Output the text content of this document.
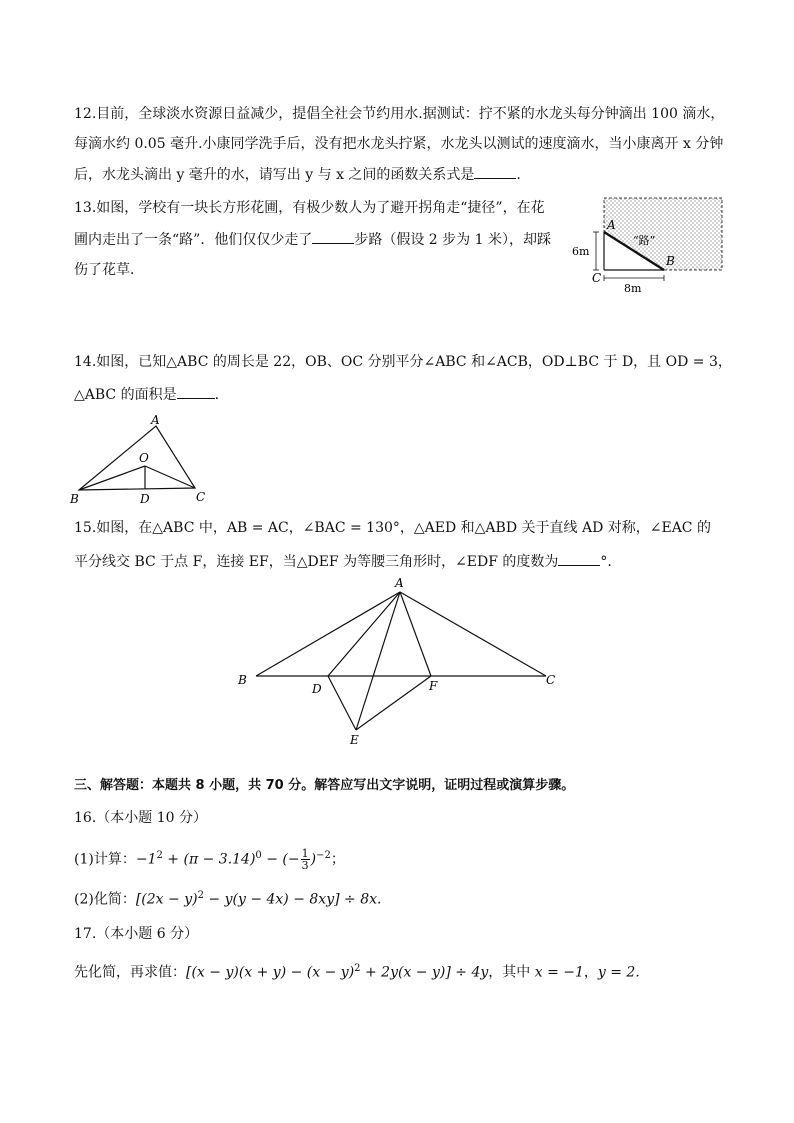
12.目前，全球淡水资源日益减少，提倡全社会节约用水.据测试：拧不紧的水龙头每分钟滴出 100 滴水，
每滴水约 0.05 毫升.小康同学洗手后，没有把水龙头拧紧，水龙头以测试的速度滴水，当小康离开 x 分钟
后，水龙头滴出 y 毫升的水，请写出 y 与 x 之间的函数关系式是	.
13.如图，学校有一块长方形花圃，有极少数人为了避开拐角走“捷径”，在花
圃内走出了一条“路”．他们仅仅少走了	步路（假设 2 步为 1 米），却踩
伤了花草．
A
B
C
“路”
6m
8m
14.如图，已知△ABC 的周长是 22，OB、OC 分别平分∠ABC 和∠ACB，OD⊥BC 于 D，且 OD = 3，
△ABC 的面积是	.
A
B	C
O
D
15.如图，在△ABC 中，AB = AC，∠BAC = 130°，△AED 和△ABD 关于直线 AD 对称，∠EAC 的
平分线交 BC 于点 F，连接 EF，当△DEF 为等腰三角形时，∠EDF 的度数为	°.
A
B	C
D
E
F
三、解答题：本题共 8 小题，共 70 分。解答应写出文字说明，证明过程或演算步骤。
16.（本小题 10 分）
(1)计算：$-1^2 + (\pi - 3.14)^0$ − (− $\frac{1}{3} )^{-2}$；
(2)化简：$[(2x - y)^2 - y(y - 4x) - 8xy] \div 8x$.
17.（本小题 6 分）
先化简，再求值：$[(x - y)(x + y) - (x - y)^2 + 2y(x - y)] \div 4y$，其中 x = −1，y = 2.
